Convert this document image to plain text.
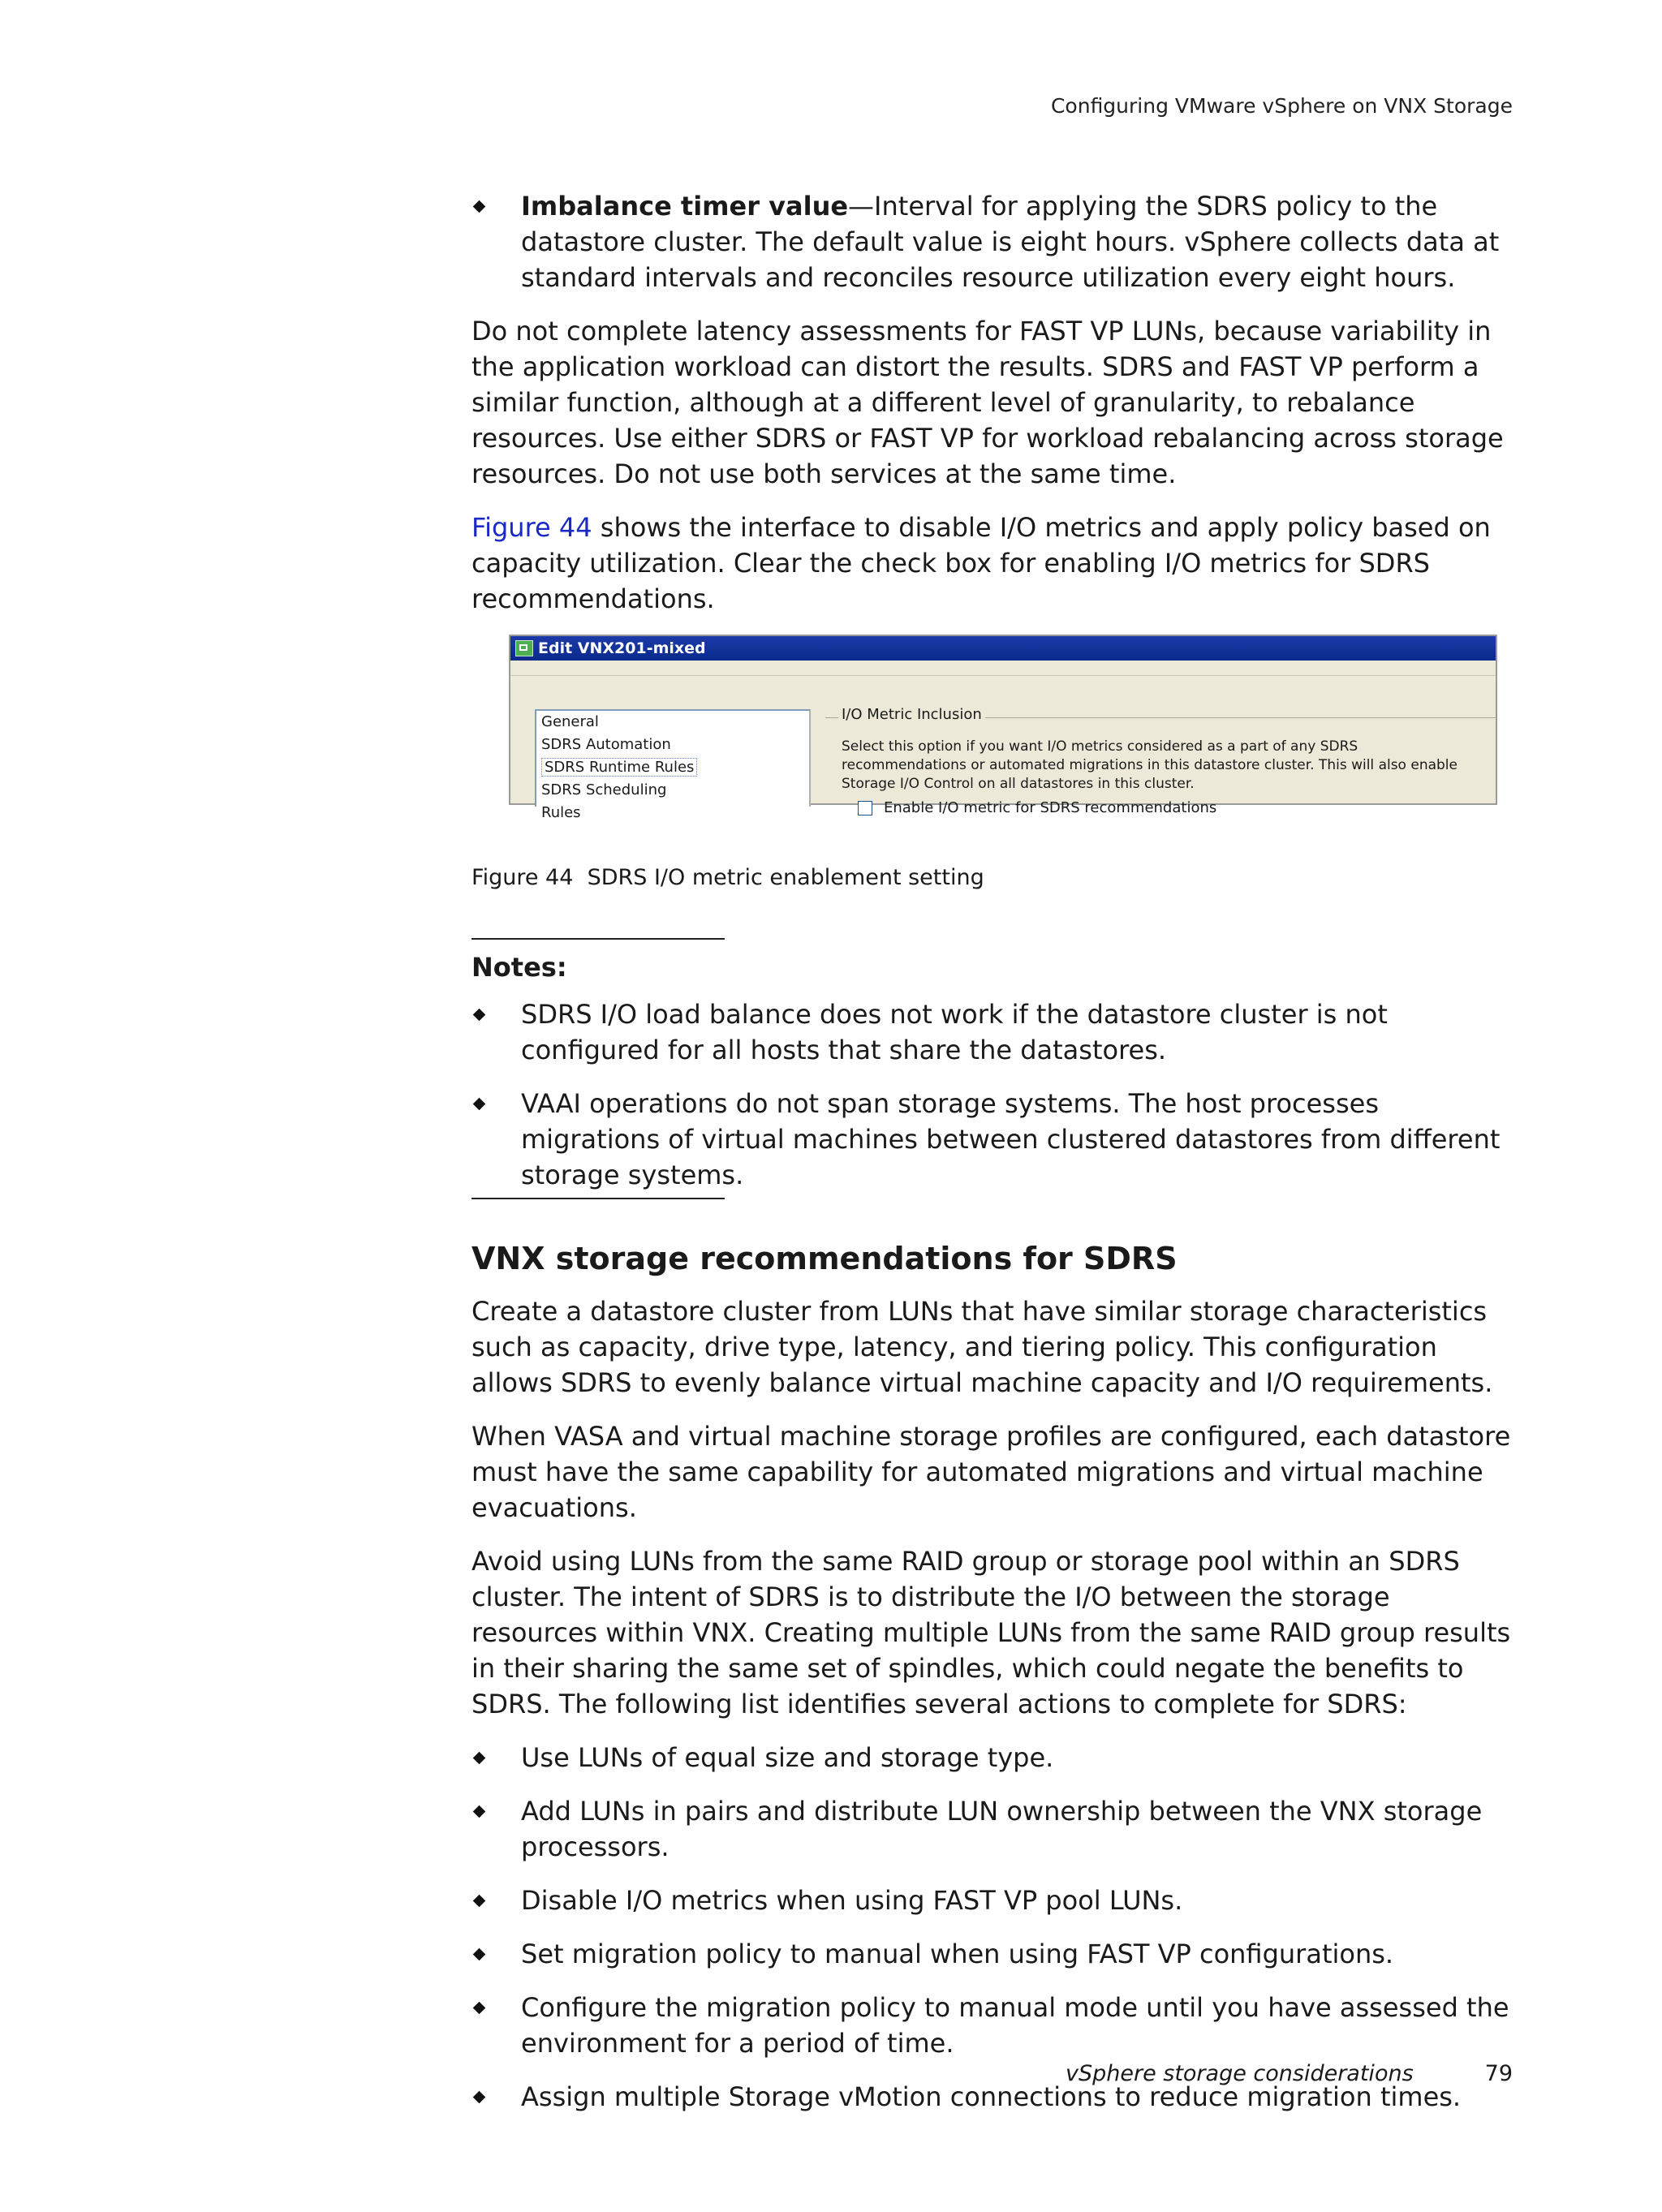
Configuring VMware vSphere on VNX Storage
Imbalance timer value—Interval for applying the SDRS policy to the datastore cluster. The default value is eight hours. vSphere collects data at standard intervals and reconciles resource utilization every eight hours.

Do not complete latency assessments for FAST VP LUNs, because variability in the application workload can distort the results. SDRS and FAST VP perform a similar function, although at a different level of granularity, to rebalance resources. Use either SDRS or FAST VP for workload rebalancing across storage resources. Do not use both services at the same time.

Figure 44 shows the interface to disable I/O metrics and apply policy based on capacity utilization. Clear the check box for enabling I/O metrics for SDRS recommendations.

Edit VNX201-mixed
General
SDRS Automation
SDRS Runtime Rules
SDRS Scheduling
Rules
I/O Metric Inclusion
Select this option if you want I/O metrics considered as a part of any SDRS recommendations or automated migrations in this datastore cluster. This will also enable Storage I/O Control on all datastores in this cluster.
Enable I/O metric for SDRS recommendations

Figure 44 SDRS I/O metric enablement setting

Notes:
SDRS I/O load balance does not work if the datastore cluster is not configured for all hosts that share the datastores.
VAAI operations do not span storage systems. The host processes migrations of virtual machines between clustered datastores from different storage systems.
VNX storage recommendations for SDRS

Create a datastore cluster from LUNs that have similar storage characteristics such as capacity, drive type, latency, and tiering policy. This configuration allows SDRS to evenly balance virtual machine capacity and I/O requirements.

When VASA and virtual machine storage profiles are configured, each datastore must have the same capability for automated migrations and virtual machine evacuations.

Avoid using LUNs from the same RAID group or storage pool within an SDRS cluster. The intent of SDRS is to distribute the I/O between the storage resources within VNX. Creating multiple LUNs from the same RAID group results in their sharing the same set of spindles, which could negate the benefits to SDRS. The following list identifies several actions to complete for SDRS:

Use LUNs of equal size and storage type.
Add LUNs in pairs and distribute LUN ownership between the VNX storage processors.
Disable I/O metrics when using FAST VP pool LUNs.
Set migration policy to manual when using FAST VP configurations.
Configure the migration policy to manual mode until you have assessed the environment for a period of time.
Assign multiple Storage vMotion connections to reduce migration times.
vSphere storage considerations	79
